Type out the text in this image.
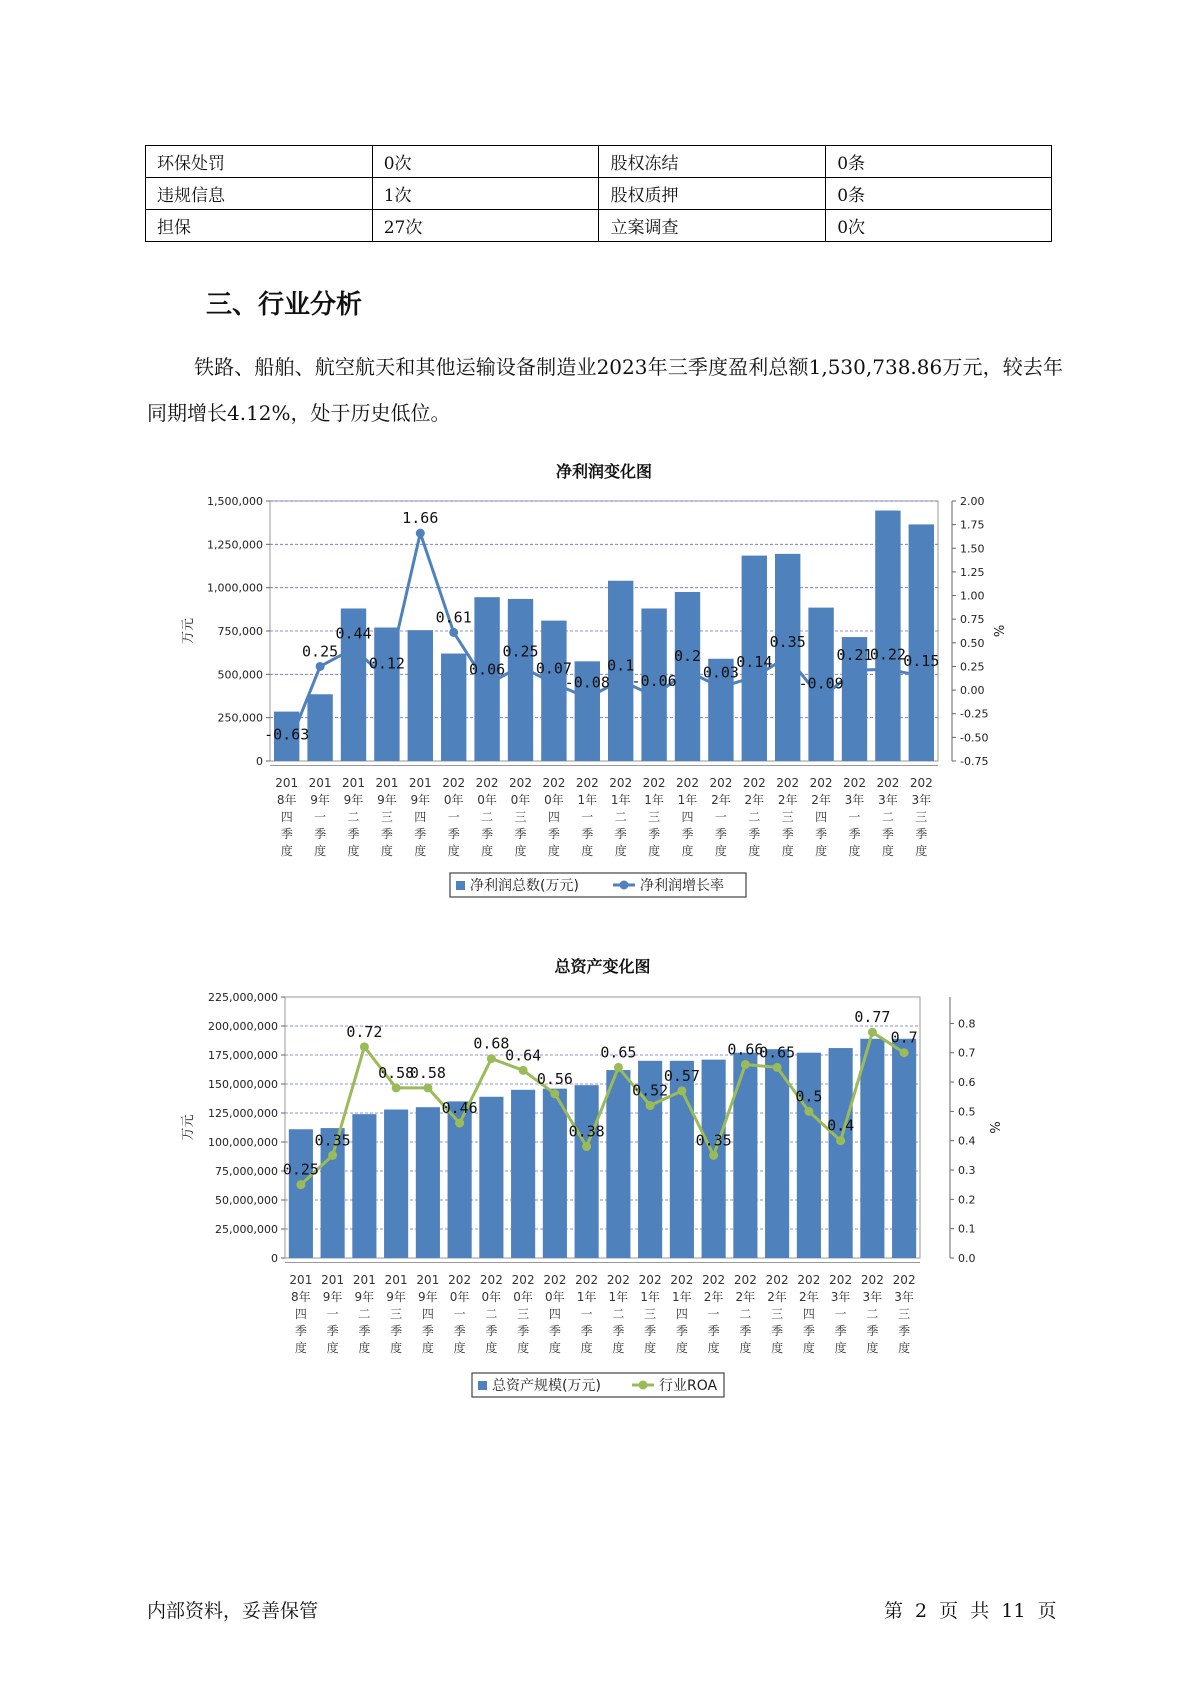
环保处罚	0次	股权冻结	0条
违规信息	1次	股权质押	0条
担保	27次	立案调查	0次
三、行业分析

铁路、船舶、航空航天和其他运输设备制造业2023年三季度盈利总额1,530,738.86万元，较去年同期增长4.12%，处于历史低位。

净利润变化图
0
250,000
500,000
750,000
1,000,000
1,250,000
1,500,000
-0.75
-0.50
-0.25
0.00
0.25
0.50
0.75
1.00
1.25
1.50
1.75
2.00
万元	%
-0.63
0.25
0.44
0.12
1.66
0.61
0.06
0.25
0.07
-0.08
0.1
-0.06
0.2
0.03
0.14
0.35
-0.09
0.21
0.22
0.15
201
8年
四
季
度
201
9年
一
季
度
201
9年
二
季
度
201
9年
三
季
度
201
9年
四
季
度
202
0年
一
季
度
202
0年
二
季
度
202
0年
三
季
度
202
0年
四
季
度
202
1年
一
季
度
202
1年
二
季
度
202
1年
三
季
度
202
1年
四
季
度
202
2年
一
季
度
202
2年
二
季
度
202
2年
三
季
度
202
2年
四
季
度
202
3年
一
季
度
202
3年
二
季
度
202
3年
三
季
度
净利润总数(万元)	净利润增长率
总资产变化图
0
25,000,000
50,000,000
75,000,000
100,000,000
125,000,000
150,000,000
175,000,000
200,000,000
225,000,000
0.0
0.1
0.2
0.3
0.4
0.5
0.6
0.7
0.8
万元	%
0.25
0.35
0.72
0.58
0.58
0.46
0.68
0.64
0.56
0.38
0.65
0.52
0.57
0.35
0.66
0.65
0.5
0.4
0.77
0.7
201
8年
四
季
度
201
9年
一
季
度
201
9年
二
季
度
201
9年
三
季
度
201
9年
四
季
度
202
0年
一
季
度
202
0年
二
季
度
202
0年
三
季
度
202
0年
四
季
度
202
1年
一
季
度
202
1年
二
季
度
202
1年
三
季
度
202
1年
四
季
度
202
2年
一
季
度
202
2年
二
季
度
202
2年
三
季
度
202
2年
四
季
度
202
3年
一
季
度
202
3年
二
季
度
202
3年
三
季
度
总资产规模(万元)	行业ROA
内部资料，妥善保管	第 2 页 共 11 页
